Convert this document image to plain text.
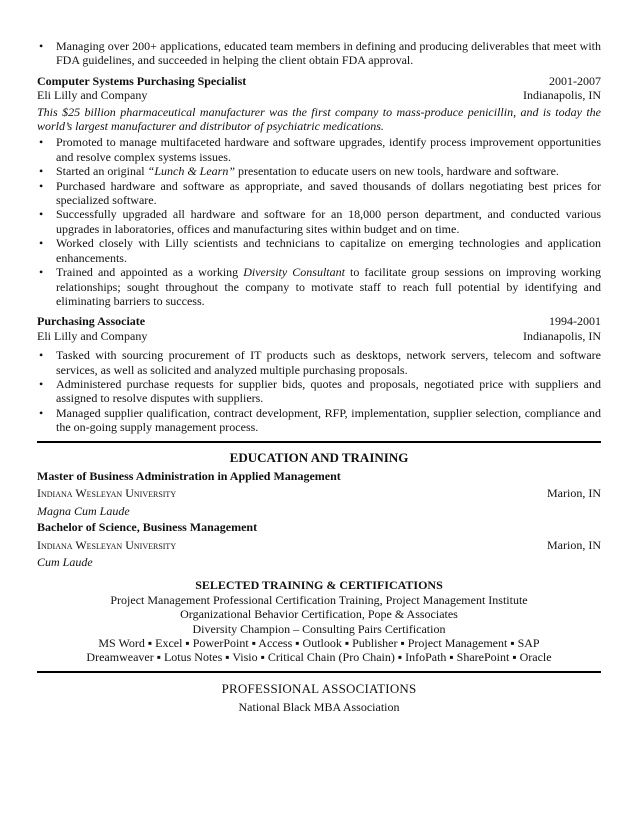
• Managing over 200+ applications, educated team members in defining and producing deliverables that meet with FDA guidelines, and succeeded in helping the client obtain FDA approval.
Computer Systems Purchasing Specialist	2001-2007
Eli Lilly and Company	Indianapolis, IN
This $25 billion pharmaceutical manufacturer was the first company to mass-produce penicillin, and is today the world’s largest manufacturer and distributor of psychiatric medications.
• Promoted to manage multifaceted hardware and software upgrades, identify process improvement opportunities and resolve complex systems issues.
• Started an original “Lunch & Learn” presentation to educate users on new tools, hardware and software.
• Purchased hardware and software as appropriate, and saved thousands of dollars negotiating best prices for specialized software.
• Successfully upgraded all hardware and software for an 18,000 person department, and conducted various upgrades in laboratories, offices and manufacturing sites within budget and on time.
• Worked closely with Lilly scientists and technicians to capitalize on emerging technologies and application enhancements.
• Trained and appointed as a working Diversity Consultant to facilitate group sessions on improving working relationships; sought throughout the company to motivate staff to reach full potential by identifying and eliminating barriers to success.
Purchasing Associate	1994-2001
Eli Lilly and Company	Indianapolis, IN
• Tasked with sourcing procurement of IT products such as desktops, network servers, telecom and software services, as well as solicited and analyzed multiple purchasing proposals.
• Administered purchase requests for supplier bids, quotes and proposals, negotiated price with suppliers and assigned to resolve disputes with suppliers.
• Managed supplier qualification, contract development, RFP, implementation, supplier selection, compliance and the on-going supply management process.
EDUCATION AND TRAINING
Master of Business Administration in Applied Management
Indiana Wesleyan University	Marion, IN
Magna Cum Laude
Bachelor of Science, Business Management
Indiana Wesleyan University	Marion, IN
Cum Laude
SELECTED TRAINING & CERTIFICATIONS
Project Management Professional Certification Training, Project Management Institute
Organizational Behavior Certification, Pope & Associates
Diversity Champion – Consulting Pairs Certification
MS Word ▪ Excel ▪ PowerPoint ▪ Access ▪ Outlook ▪ Publisher ▪ Project Management ▪ SAP
Dreamweaver ▪ Lotus Notes ▪ Visio ▪ Critical Chain (Pro Chain) ▪ InfoPath ▪ SharePoint ▪ Oracle
PROFESSIONAL ASSOCIATIONS
National Black MBA Association
